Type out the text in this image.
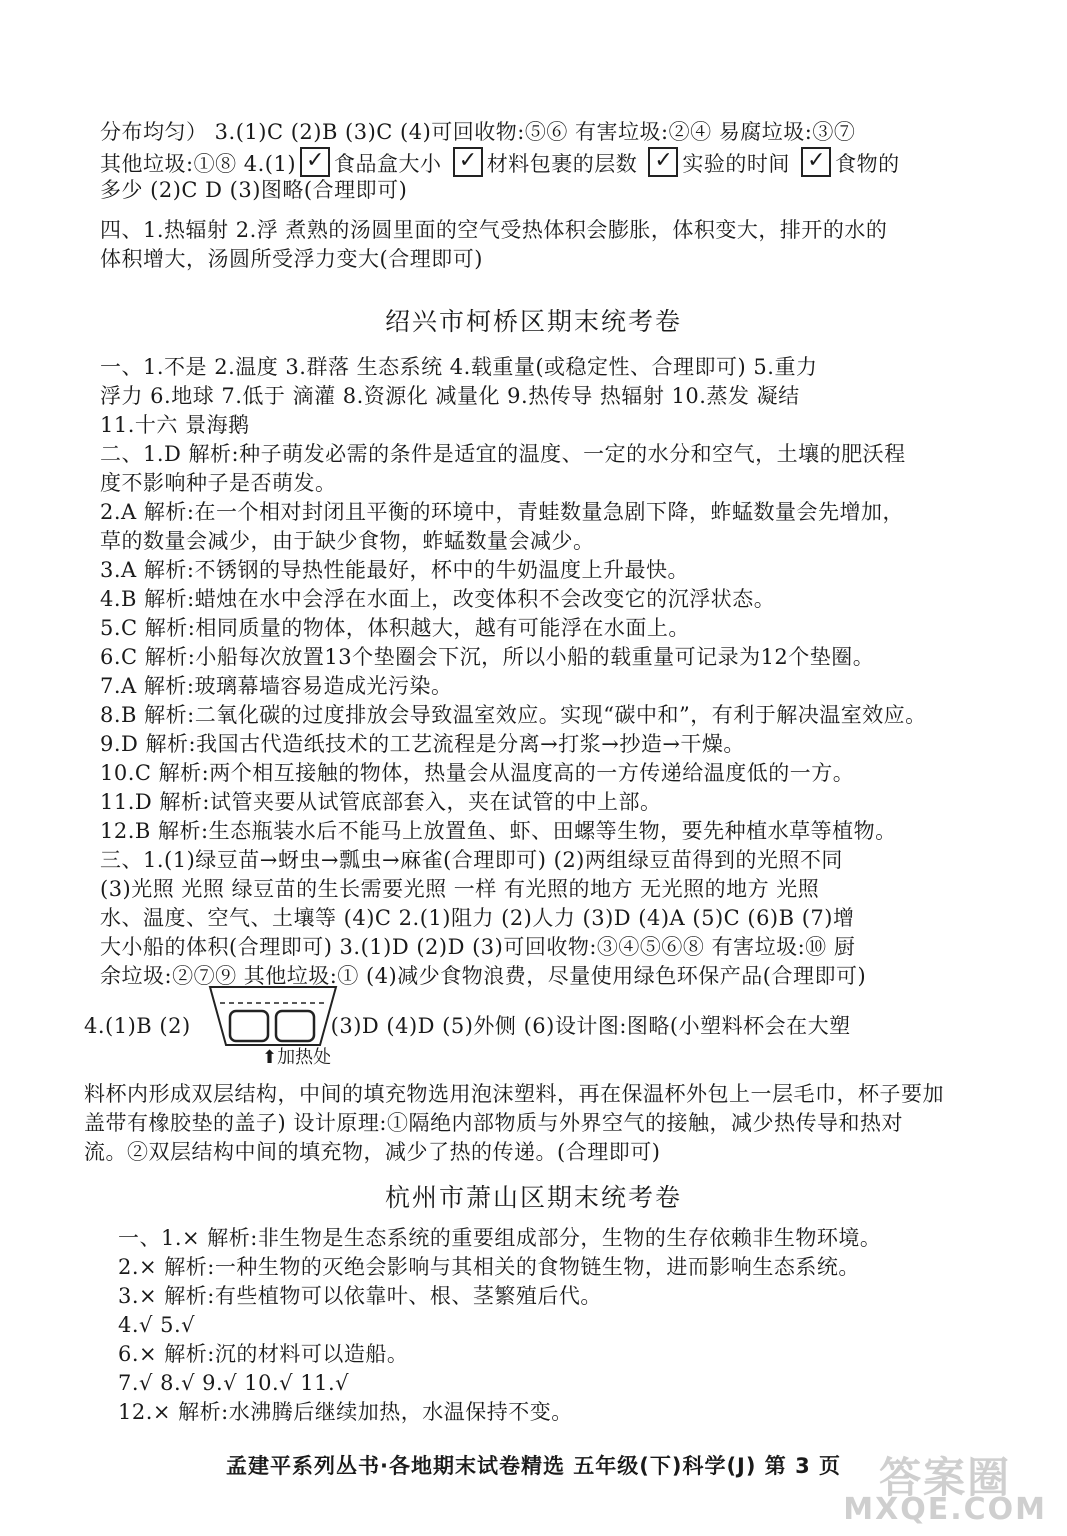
分布均匀） 3.(1)C (2)B (3)C (4)可回收物:⑤⑥ 有害垃圾:②④ 易腐垃圾:③⑦
其他垃圾:①⑧ 4.(1) ✓ 食品盒大小 ✓ 材料包裹的层数 ✓ 实验的时间 ✓ 食物的
多少 (2)C D (3)图略(合理即可)
四、1.热辐射 2.浮 煮熟的汤圆里面的空气受热体积会膨胀，体积变大，排开的水的
体积增大，汤圆所受浮力变大(合理即可)
绍兴市柯桥区期末统考卷
一、1.不是 2.温度 3.群落 生态系统 4.载重量(或稳定性、合理即可) 5.重力
浮力 6.地球 7.低于 滴灌 8.资源化 减量化 9.热传导 热辐射 10.蒸发 凝结
11.十六 景海鹅
二、1.D 解析:种子萌发必需的条件是适宜的温度、一定的水分和空气，土壤的肥沃程
度不影响种子是否萌发。
2.A 解析:在一个相对封闭且平衡的环境中，青蛙数量急剧下降，蚱蜢数量会先增加，
草的数量会减少，由于缺少食物，蚱蜢数量会减少。
3.A 解析:不锈钢的导热性能最好，杯中的牛奶温度上升最快。
4.B 解析:蜡烛在水中会浮在水面上，改变体积不会改变它的沉浮状态。
5.C 解析:相同质量的物体，体积越大，越有可能浮在水面上。
6.C 解析:小船每次放置13个垫圈会下沉，所以小船的载重量可记录为12个垫圈。
7.A 解析:玻璃幕墙容易造成光污染。
8.B 解析:二氧化碳的过度排放会导致温室效应。实现“碳中和”，有利于解决温室效应。
9.D 解析:我国古代造纸技术的工艺流程是分离→打浆→抄造→干燥。
10.C 解析:两个相互接触的物体，热量会从温度高的一方传递给温度低的一方。
11.D 解析:试管夹要从试管底部套入，夹在试管的中上部。
12.B 解析:生态瓶装水后不能马上放置鱼、虾、田螺等生物，要先种植水草等植物。
三、1.(1)绿豆苗→蚜虫→瓢虫→麻雀(合理即可) (2)两组绿豆苗得到的光照不同
(3)光照 光照 绿豆苗的生长需要光照 一样 有光照的地方 无光照的地方 光照
水、温度、空气、土壤等 (4)C 2.(1)阻力 (2)人力 (3)D (4)A (5)C (6)B (7)增
大小船的体积(合理即可) 3.(1)D (2)D (3)可回收物:③④⑤⑥⑧ 有害垃圾:⑩ 厨
余垃圾:②⑦⑨ 其他垃圾:① (4)减少食物浪费，尽量使用绿色环保产品(合理即可)
4.(1)B (2)	(3)D (4)D (5)外侧 (6)设计图:图略(小塑料杯会在大塑
⬆加热处
料杯内形成双层结构，中间的填充物选用泡沫塑料，再在保温杯外包上一层毛巾，杯子要加
盖带有橡胶垫的盖子) 设计原理:①隔绝内部物质与外界空气的接触，减少热传导和热对
流。②双层结构中间的填充物，减少了热的传递。(合理即可)
杭州市萧山区期末统考卷
一、1.× 解析:非生物是生态系统的重要组成部分，生物的生存依赖非生物环境。
2.× 解析:一种生物的灭绝会影响与其相关的食物链生物，进而影响生态系统。
3.× 解析:有些植物可以依靠叶、根、茎繁殖后代。
4.√ 5.√
6.× 解析:沉的材料可以造船。
7.√ 8.√ 9.√ 10.√ 11.√
12.× 解析:水沸腾后继续加热，水温保持不变。
孟建平系列丛书·各地期末试卷精选 五年级(下)科学(J) 第 3 页 答案圈
MXQE.COM
